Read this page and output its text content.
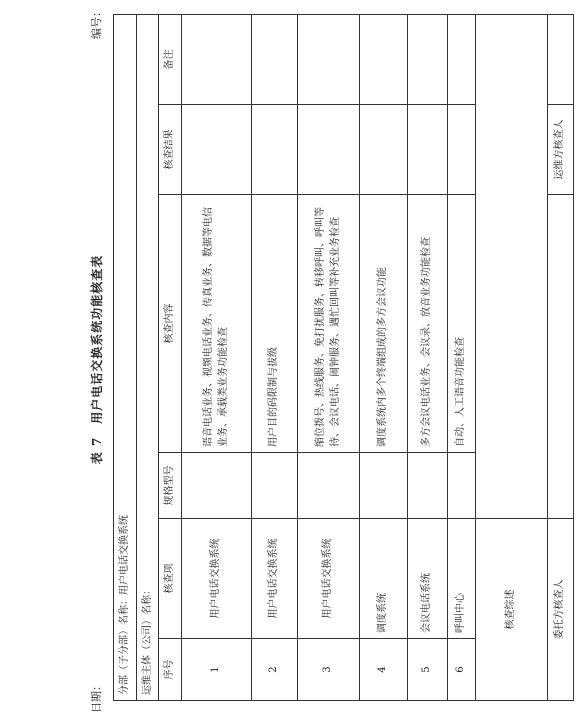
日期：
表 7　用户电话交换系统功能核查表
编号：
分部（子分部）名称：用户电话交换系统					
运维主体（公司）名称：					
序号	核查项	规格型号	核查内容	核查结果	备注
1	用户电话交换系统		语音电话业务、视频电话业务、传真业务、数据等电信业务、承载类业务功能检查		
2	用户电话交换系统		用户目的码限制与拔级		
3	用户电话交换系统		缩位拨号、热线服务、免打扰服务、转移呼叫、呼叫等待、会议电话、闹钟服务、遇忙回叫等补充业务检查		
4	调度系统		调度系统内多个终端组成的多方会议功能		
5	会议电话系统		多方会议电话业务、会议录、放音业务功能检查		
6	呼叫中心		自动、人工语音功能检查		
核查综述					
委托方核查人				运维方核查人	
